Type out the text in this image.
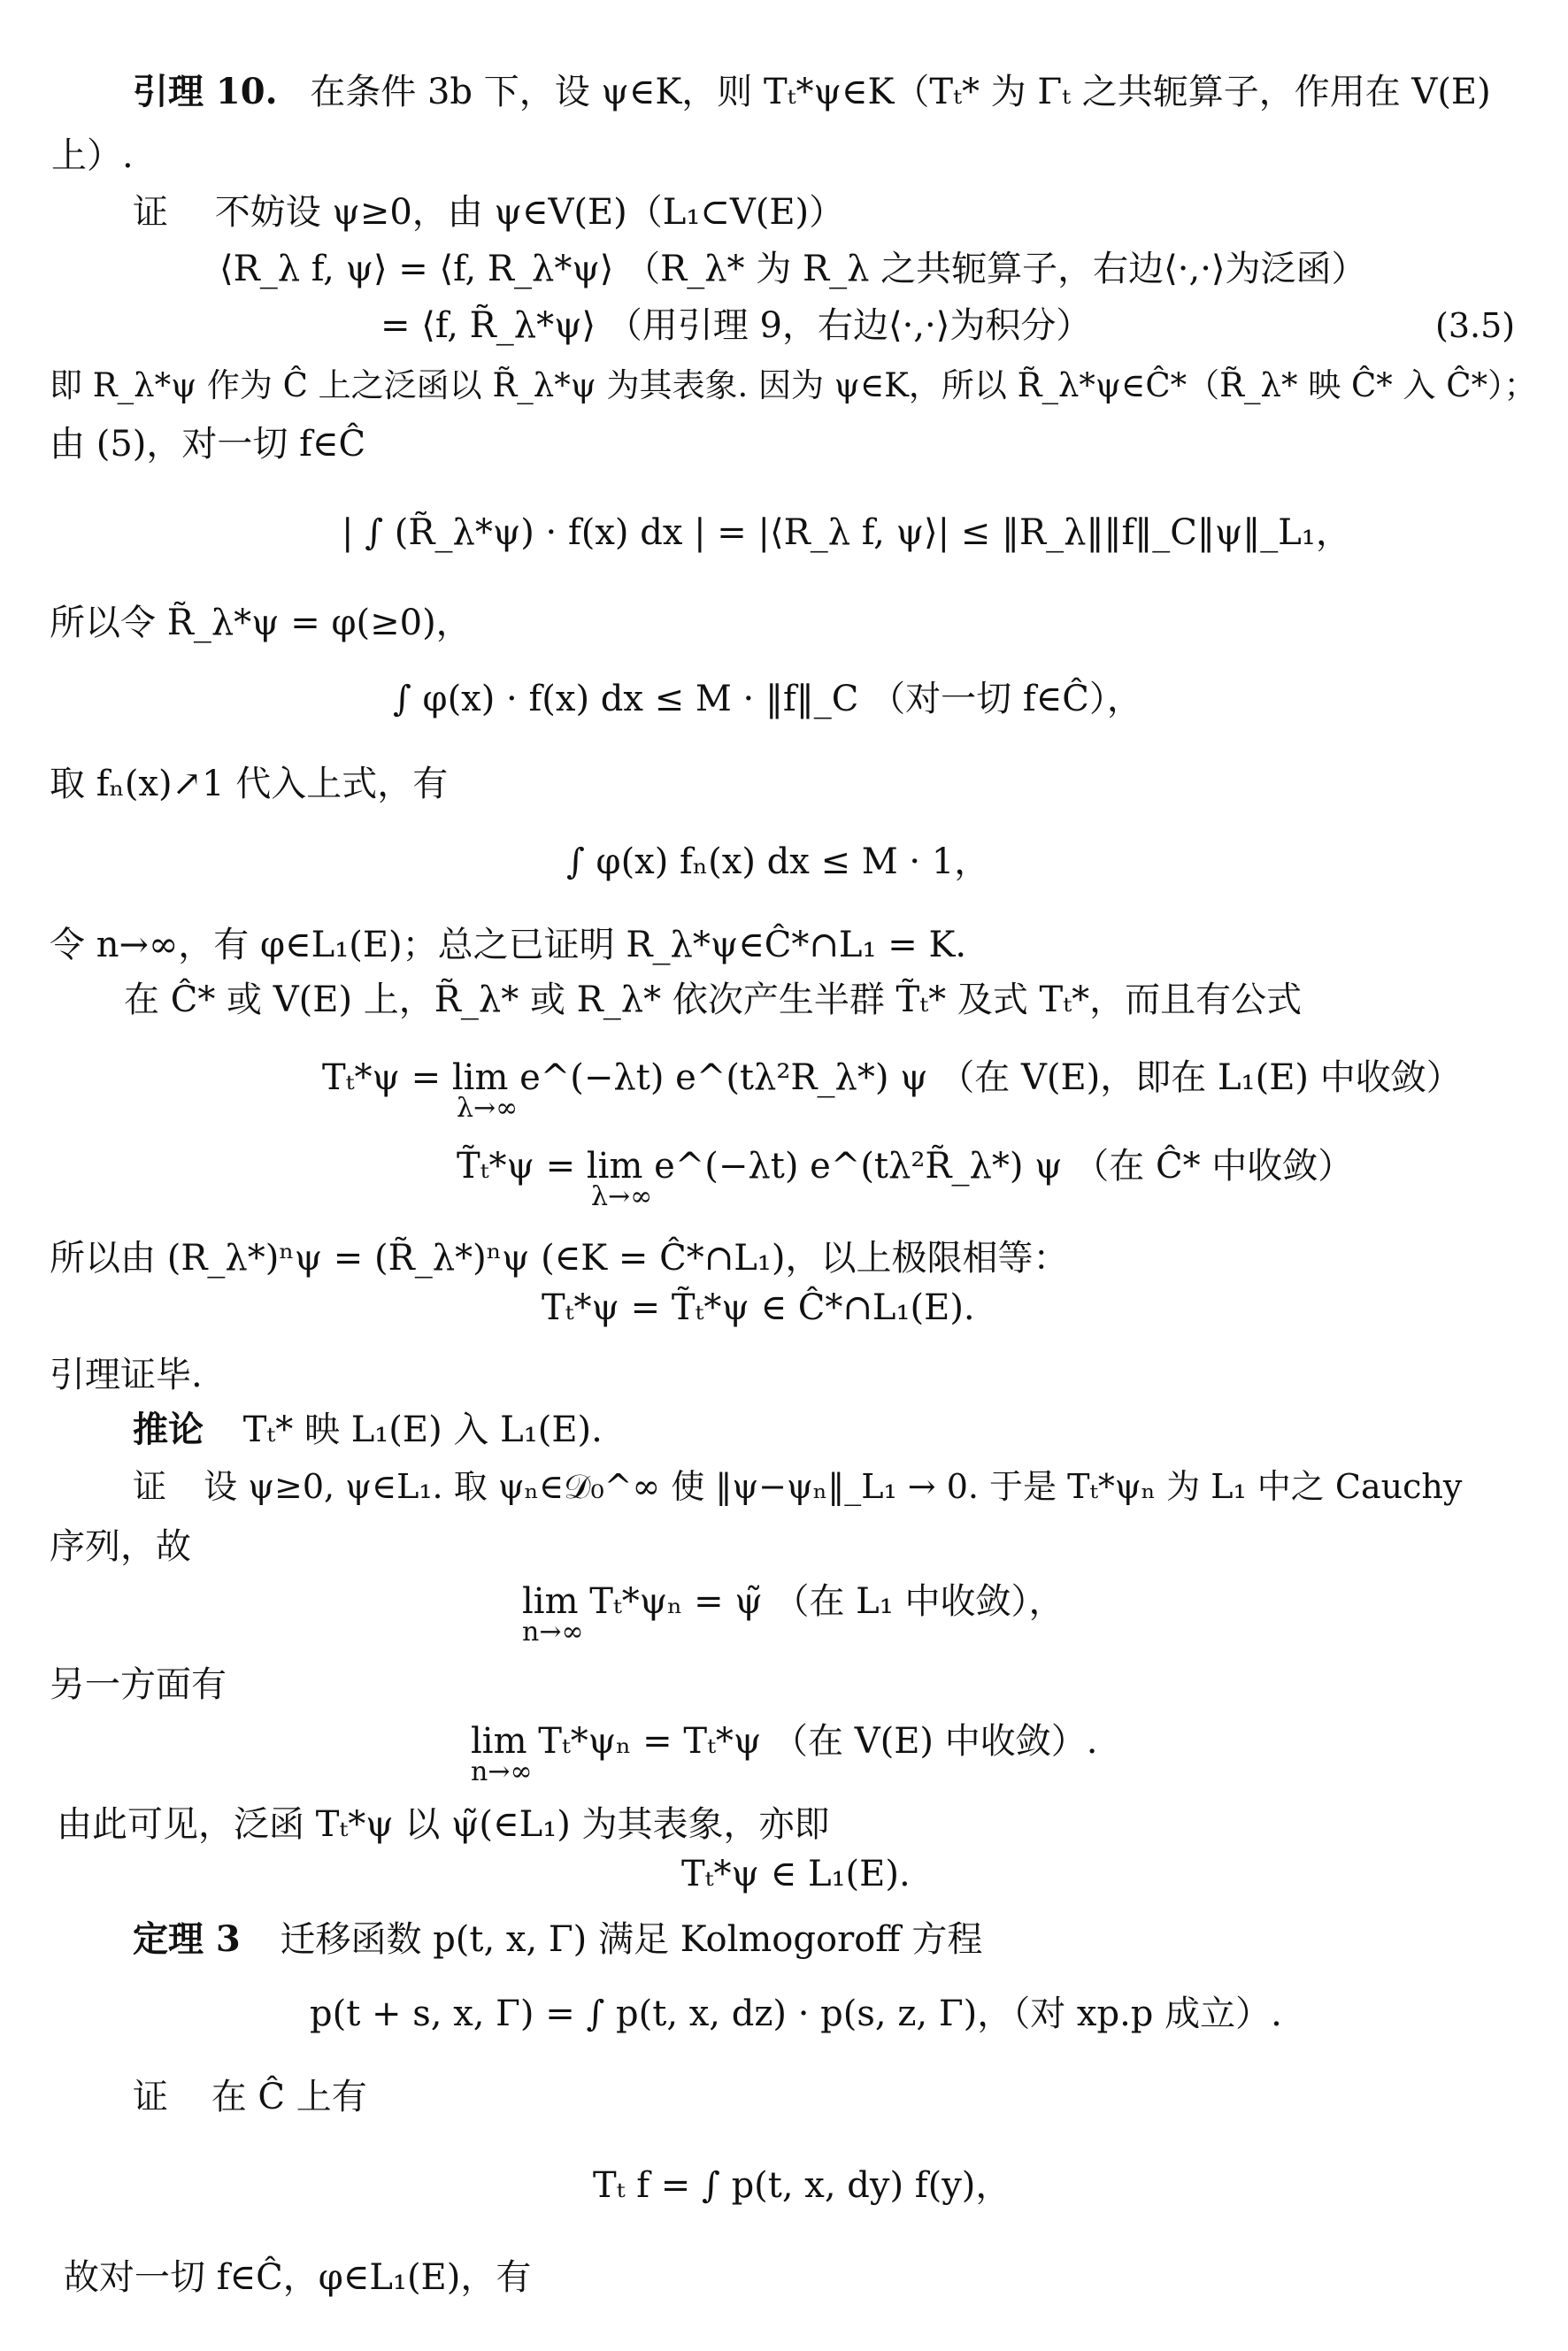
引理 10. 在条件 3b 下，设 ψ∈K，则 Tₜ*ψ∈K（Tₜ* 为 Γₜ 之共轭算子，作用在 V(E)
上）.
证 不妨设 ψ≥0，由 ψ∈V(E)（L₁⊂V(E)）
⟨R_λ f, ψ⟩ = ⟨f, R_λ*ψ⟩ （R_λ* 为 R_λ 之共轭算子，右边⟨·,·⟩为泛函）
= ⟨f, R̃_λ*ψ⟩ （用引理 9，右边⟨·,·⟩为积分）	(3.5)
即 R_λ*ψ 作为 Ĉ 上之泛函以 R̃_λ*ψ 为其表象. 因为 ψ∈K，所以 R̃_λ*ψ∈Ĉ*（R̃_λ* 映 Ĉ* 入 Ĉ*）；
由 (5)，对一切 f∈Ĉ
| ∫ (R̃_λ*ψ) · f(x) dx | = |⟨R_λ f, ψ⟩| ≤ ‖R_λ‖‖f‖_C‖ψ‖_L₁，
所以令 R̃_λ*ψ = φ(≥0)，
∫ φ(x) · f(x) dx ≤ M · ‖f‖_C （对一切 f∈Ĉ），
取 fₙ(x)↗1 代入上式，有
∫ φ(x) fₙ(x) dx ≤ M · 1，
令 n→∞，有 φ∈L₁(E)；总之已证明 R_λ*ψ∈Ĉ*∩L₁ = K.
在 Ĉ* 或 V(E) 上，R̃_λ* 或 R_λ* 依次产生半群 T̃ₜ* 及式 Tₜ*，而且有公式
Tₜ*ψ = lim e^(−λt) e^(tλ²R_λ*) ψ （在 V(E)，即在 L₁(E) 中收敛）
λ→∞
T̃ₜ*ψ = lim e^(−λt) e^(tλ²R̃_λ*) ψ （在 Ĉ* 中收敛）
λ→∞
所以由 (R_λ*)ⁿψ = (R̃_λ*)ⁿψ (∈K = Ĉ*∩L₁)，以上极限相等：
Tₜ*ψ = T̃ₜ*ψ ∈ Ĉ*∩L₁(E).
引理证毕.
推论 Tₜ* 映 L₁(E) 入 L₁(E).
证 设 ψ≥0, ψ∈L₁. 取 ψₙ∈𝒟₀^∞ 使 ‖ψ−ψₙ‖_L₁ → 0. 于是 Tₜ*ψₙ 为 L₁ 中之 Cauchy
序列，故
lim Tₜ*ψₙ = ψ̃ （在 L₁ 中收敛），
n→∞
另一方面有
lim Tₜ*ψₙ = Tₜ*ψ （在 V(E) 中收敛）.
n→∞
由此可见，泛函 Tₜ*ψ 以 ψ̃(∈L₁) 为其表象，亦即
Tₜ*ψ ∈ L₁(E).
定理 3 迁移函数 p(t, x, Γ) 满足 Kolmogoroff 方程
p(t + s, x, Γ) = ∫ p(t, x, dz) · p(s, z, Γ)，（对 xp.p 成立）.
证 在 Ĉ 上有
Tₜ f = ∫ p(t, x, dy) f(y)，
故对一切 f∈Ĉ，φ∈L₁(E)，有
